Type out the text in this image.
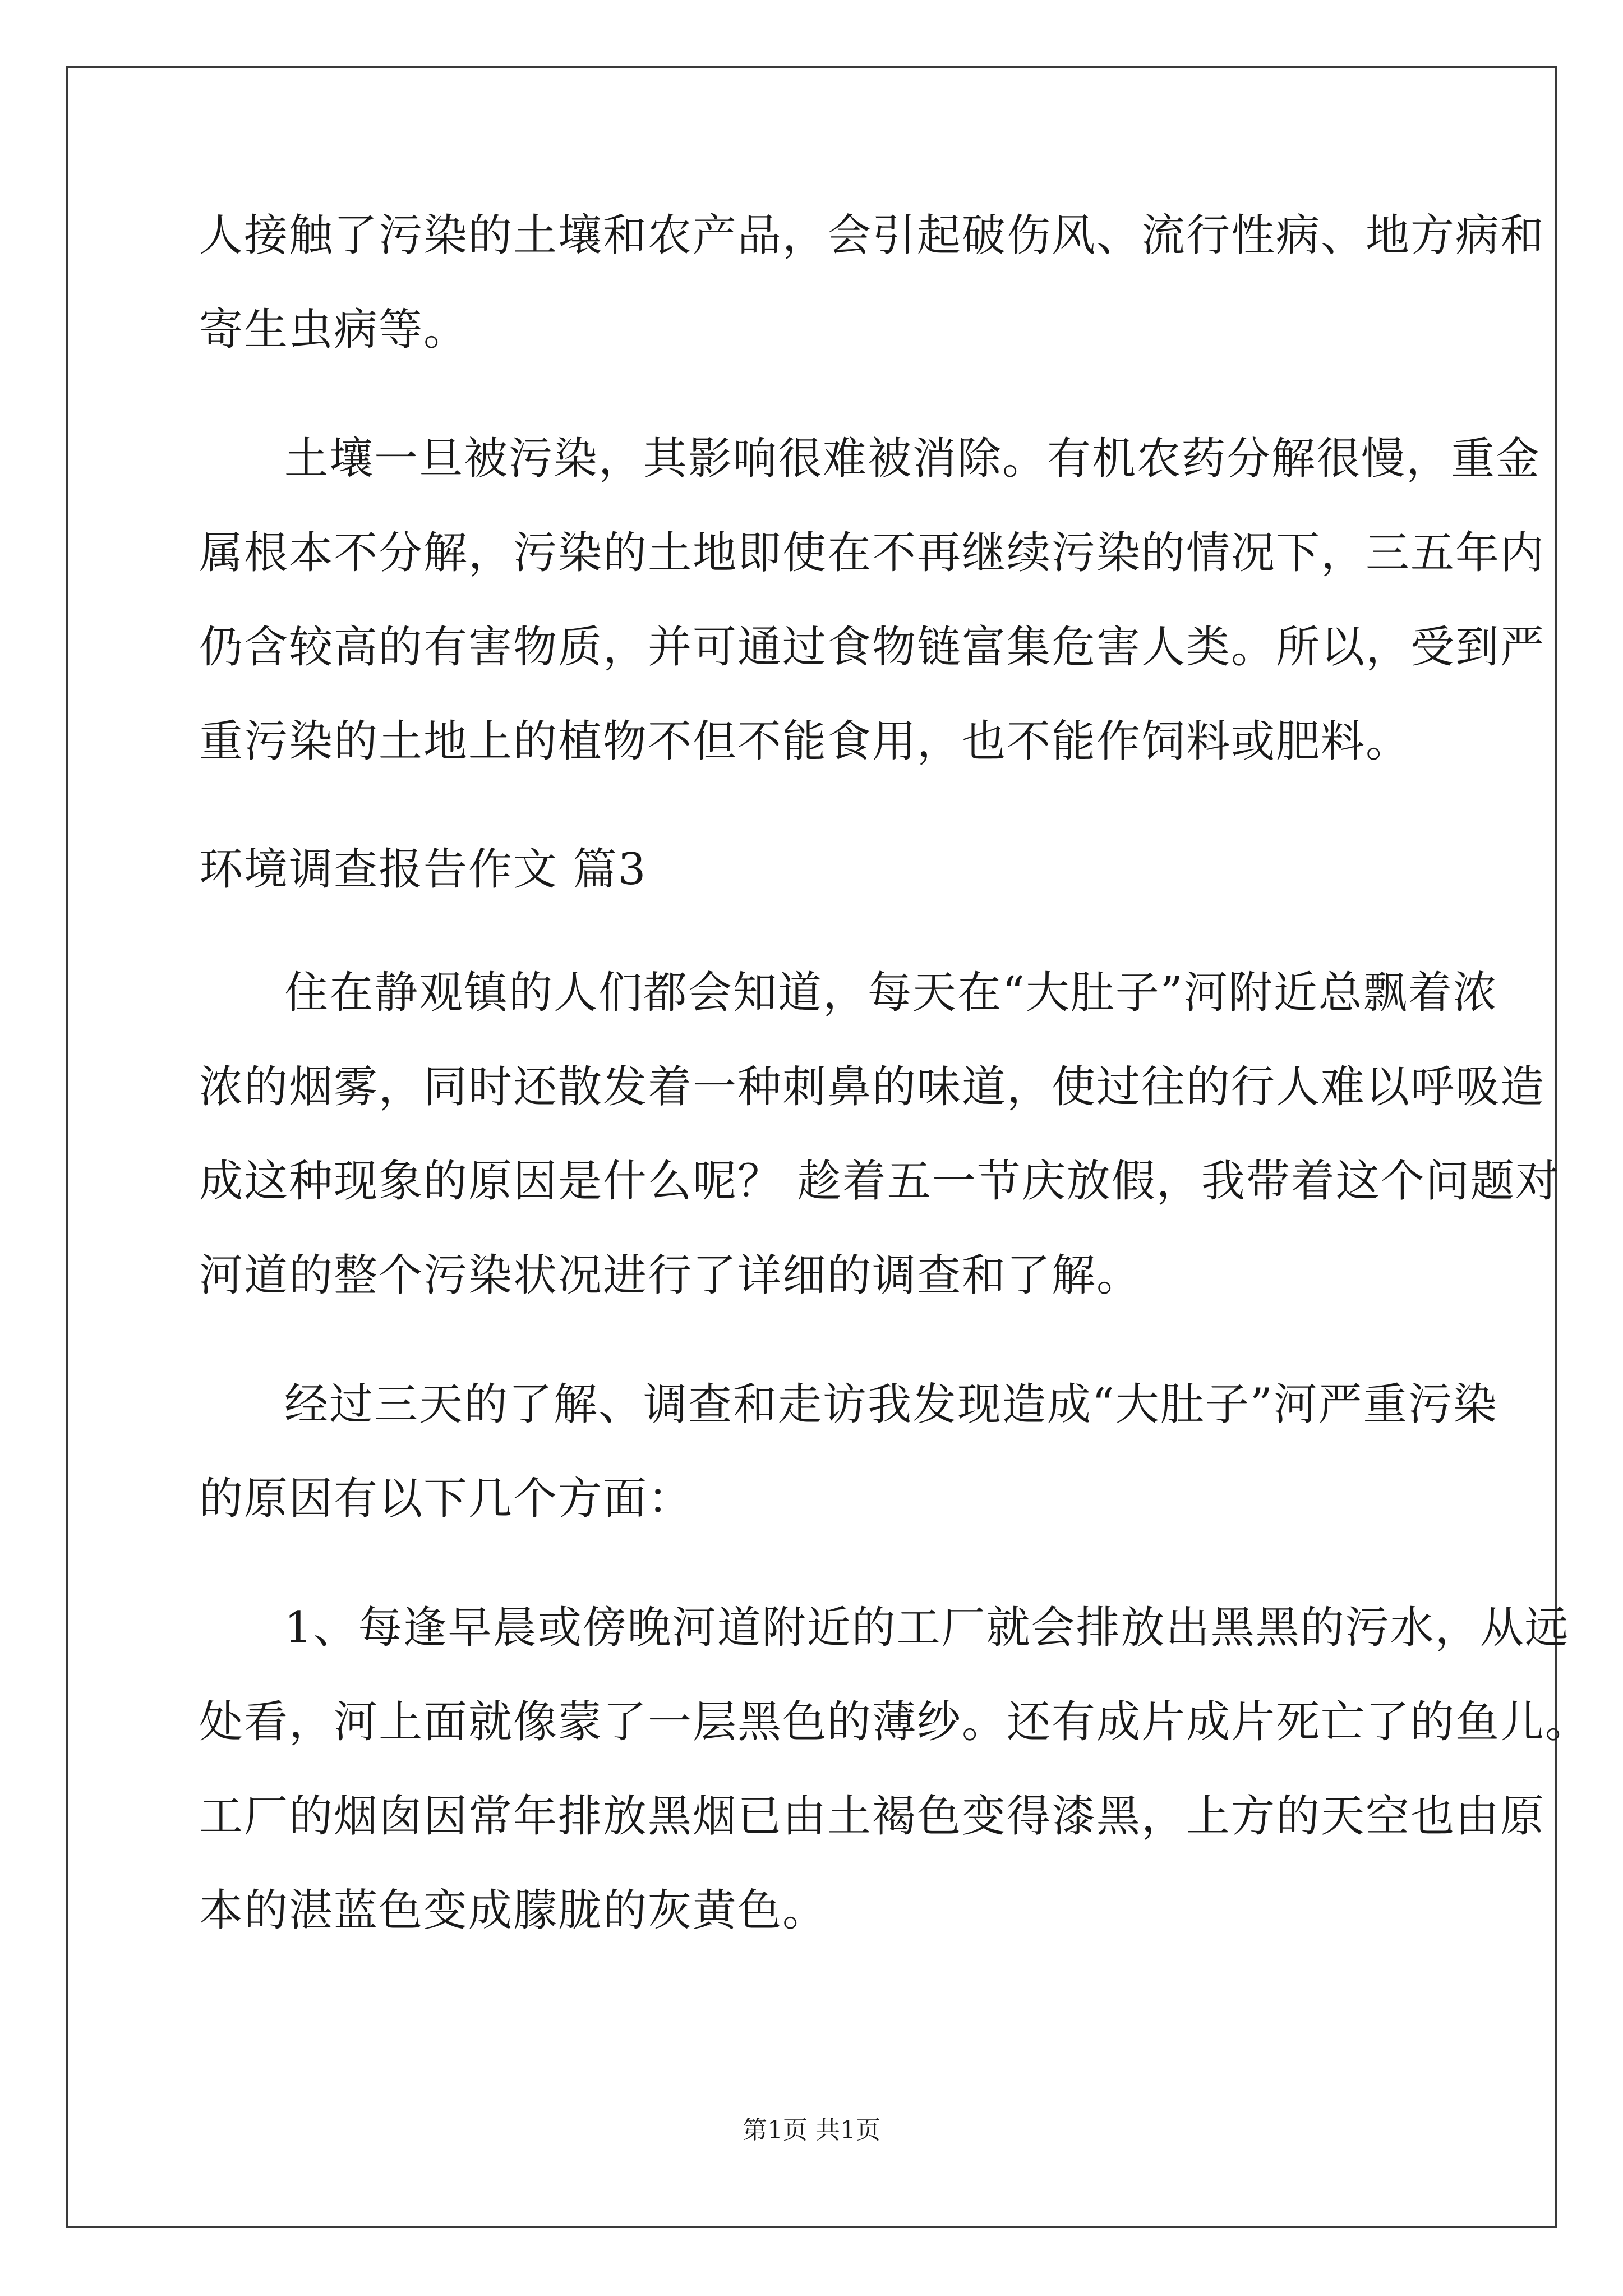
人接触了污染的土壤和农产品，会引起破伤风、流行性病、地方病和
寄生虫病等。
土壤一旦被污染，其影响很难被消除。有机农药分解很慢，重金
属根本不分解，污染的土地即使在不再继续污染的情况下，三五年内
仍含较高的有害物质，并可通过食物链富集危害人类。所以，受到严
重污染的土地上的植物不但不能食用，也不能作饲料或肥料。
环境调查报告作文 篇3
住在静观镇的人们都会知道，每天在“大肚子”河附近总飘着浓
浓的烟雾，同时还散发着一种刺鼻的味道，使过往的行人难以呼吸造
成这种现象的原因是什么呢？ 趁着五一节庆放假，我带着这个问题对
河道的整个污染状况进行了详细的调查和了解。
经过三天的了解、调查和走访我发现造成“大肚子”河严重污染
的原因有以下几个方面：
1、每逢早晨或傍晚河道附近的工厂就会排放出黑黑的污水，从远
处看，河上面就像蒙了一层黑色的薄纱。还有成片成片死亡了的鱼儿。
工厂的烟囱因常年排放黑烟已由土褐色变得漆黑，上方的天空也由原
本的湛蓝色变成朦胧的灰黄色。
第1页 共1页
